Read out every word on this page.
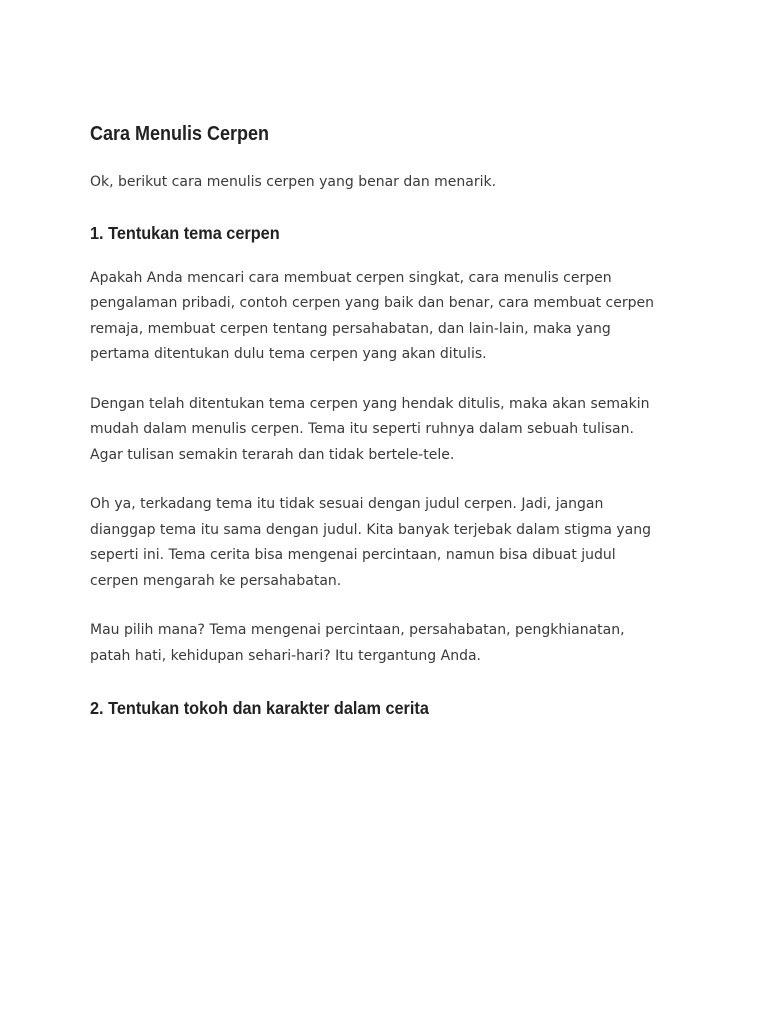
Cara Menulis Cerpen

Ok, berikut cara menulis cerpen yang benar dan menarik.

1. Tentukan tema cerpen

Apakah Anda mencari cara membuat cerpen singkat, cara menulis cerpen
pengalaman pribadi, contoh cerpen yang baik dan benar, cara membuat cerpen
remaja, membuat cerpen tentang persahabatan, dan lain-lain, maka yang
pertama ditentukan dulu tema cerpen yang akan ditulis.

Dengan telah ditentukan tema cerpen yang hendak ditulis, maka akan semakin
mudah dalam menulis cerpen. Tema itu seperti ruhnya dalam sebuah tulisan.
Agar tulisan semakin terarah dan tidak bertele-tele.

Oh ya, terkadang tema itu tidak sesuai dengan judul cerpen. Jadi, jangan
dianggap tema itu sama dengan judul. Kita banyak terjebak dalam stigma yang
seperti ini. Tema cerita bisa mengenai percintaan, namun bisa dibuat judul
cerpen mengarah ke persahabatan.

Mau pilih mana? Tema mengenai percintaan, persahabatan, pengkhianatan,
patah hati, kehidupan sehari-hari? Itu tergantung Anda.

2. Tentukan tokoh dan karakter dalam cerita
